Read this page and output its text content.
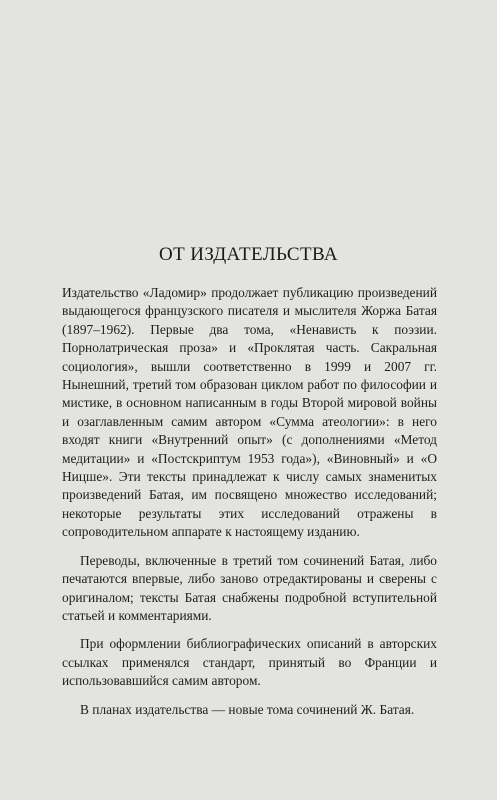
ОТ ИЗДАТЕЛЬСТВА

Издательство «Ладомир» продолжает публикацию произведений выдающегося французского писателя и мыслителя Жоржа Батая (1897–1962). Первые два тома, «Ненависть к поэзии. Порнолатрическая проза» и «Проклятая часть. Сакральная социология», вышли соответственно в 1999 и 2007 гг. Нынешний, третий том образован циклом работ по философии и мистике, в основном написанным в годы Второй мировой войны и озаглавленным самим автором «Сумма атеологии»: в него входят книги «Внутренний опыт» (с дополнениями «Метод медитации» и «Постскриптум 1953 года»), «Виновный» и «О Ницше». Эти тексты принадлежат к числу самых знаменитых произведений Батая, им посвящено множество исследований; некоторые результаты этих исследований отражены в сопроводительном аппарате к настоящему изданию.

Переводы, включенные в третий том сочинений Батая, либо печатаются впервые, либо заново отредактированы и сверены с оригиналом; тексты Батая снабжены подробной вступительной статьей и комментариями.

При оформлении библиографических описаний в авторских ссылках применялся стандарт, принятый во Франции и использовавшийся самим автором.

В планах издательства — новые тома сочинений Ж. Батая.
